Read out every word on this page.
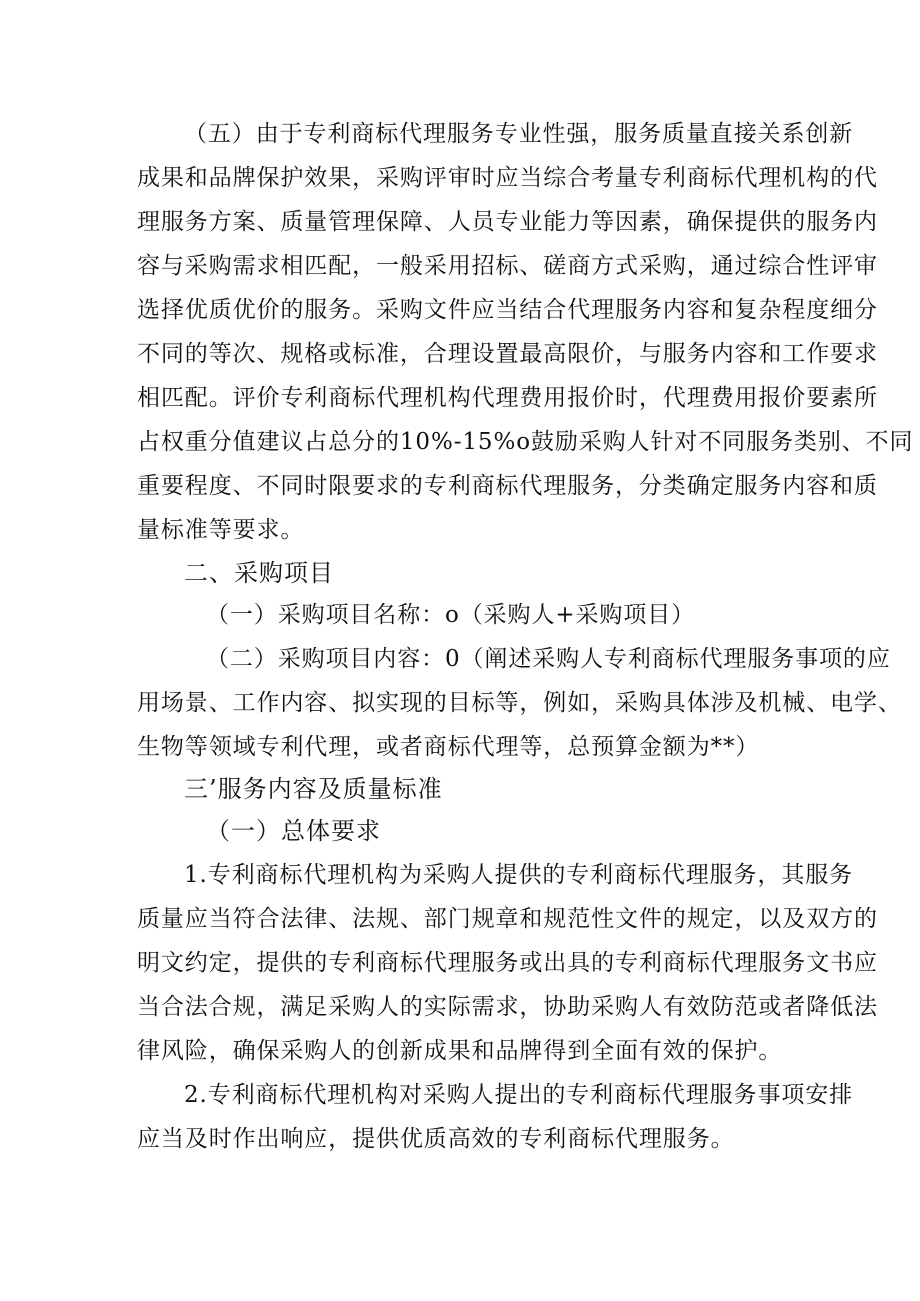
（五）由于专利商标代理服务专业性强，服务质量直接关系创新
成果和品牌保护效果，采购评审时应当综合考量专利商标代理机构的代
理服务方案、质量管理保障、人员专业能力等因素，确保提供的服务内
容与采购需求相匹配，一般采用招标、磋商方式采购，通过综合性评审
选择优质优价的服务。采购文件应当结合代理服务内容和复杂程度细分
不同的等次、规格或标准，合理设置最高限价，与服务内容和工作要求
相匹配。评价专利商标代理机构代理费用报价时，代理费用报价要素所
占权重分值建议占总分的10%-15%o鼓励采购人针对不同服务类别、不同
重要程度、不同时限要求的专利商标代理服务，分类确定服务内容和质
量标准等要求。
二、采购项目
（一）采购项目名称：o（采购人+采购项目）
（二）采购项目内容：0（阐述采购人专利商标代理服务事项的应
用场景、工作内容、拟实现的目标等，例如，采购具体涉及机械、电学、
生物等领域专利代理，或者商标代理等，总预算金额为**）
三’服务内容及质量标准
（一）总体要求
1.专利商标代理机构为采购人提供的专利商标代理服务，其服务
质量应当符合法律、法规、部门规章和规范性文件的规定，以及双方的
明文约定，提供的专利商标代理服务或出具的专利商标代理服务文书应
当合法合规，满足采购人的实际需求，协助采购人有效防范或者降低法
律风险，确保采购人的创新成果和品牌得到全面有效的保护。
2.专利商标代理机构对采购人提出的专利商标代理服务事项安排
应当及时作出响应，提供优质高效的专利商标代理服务。
